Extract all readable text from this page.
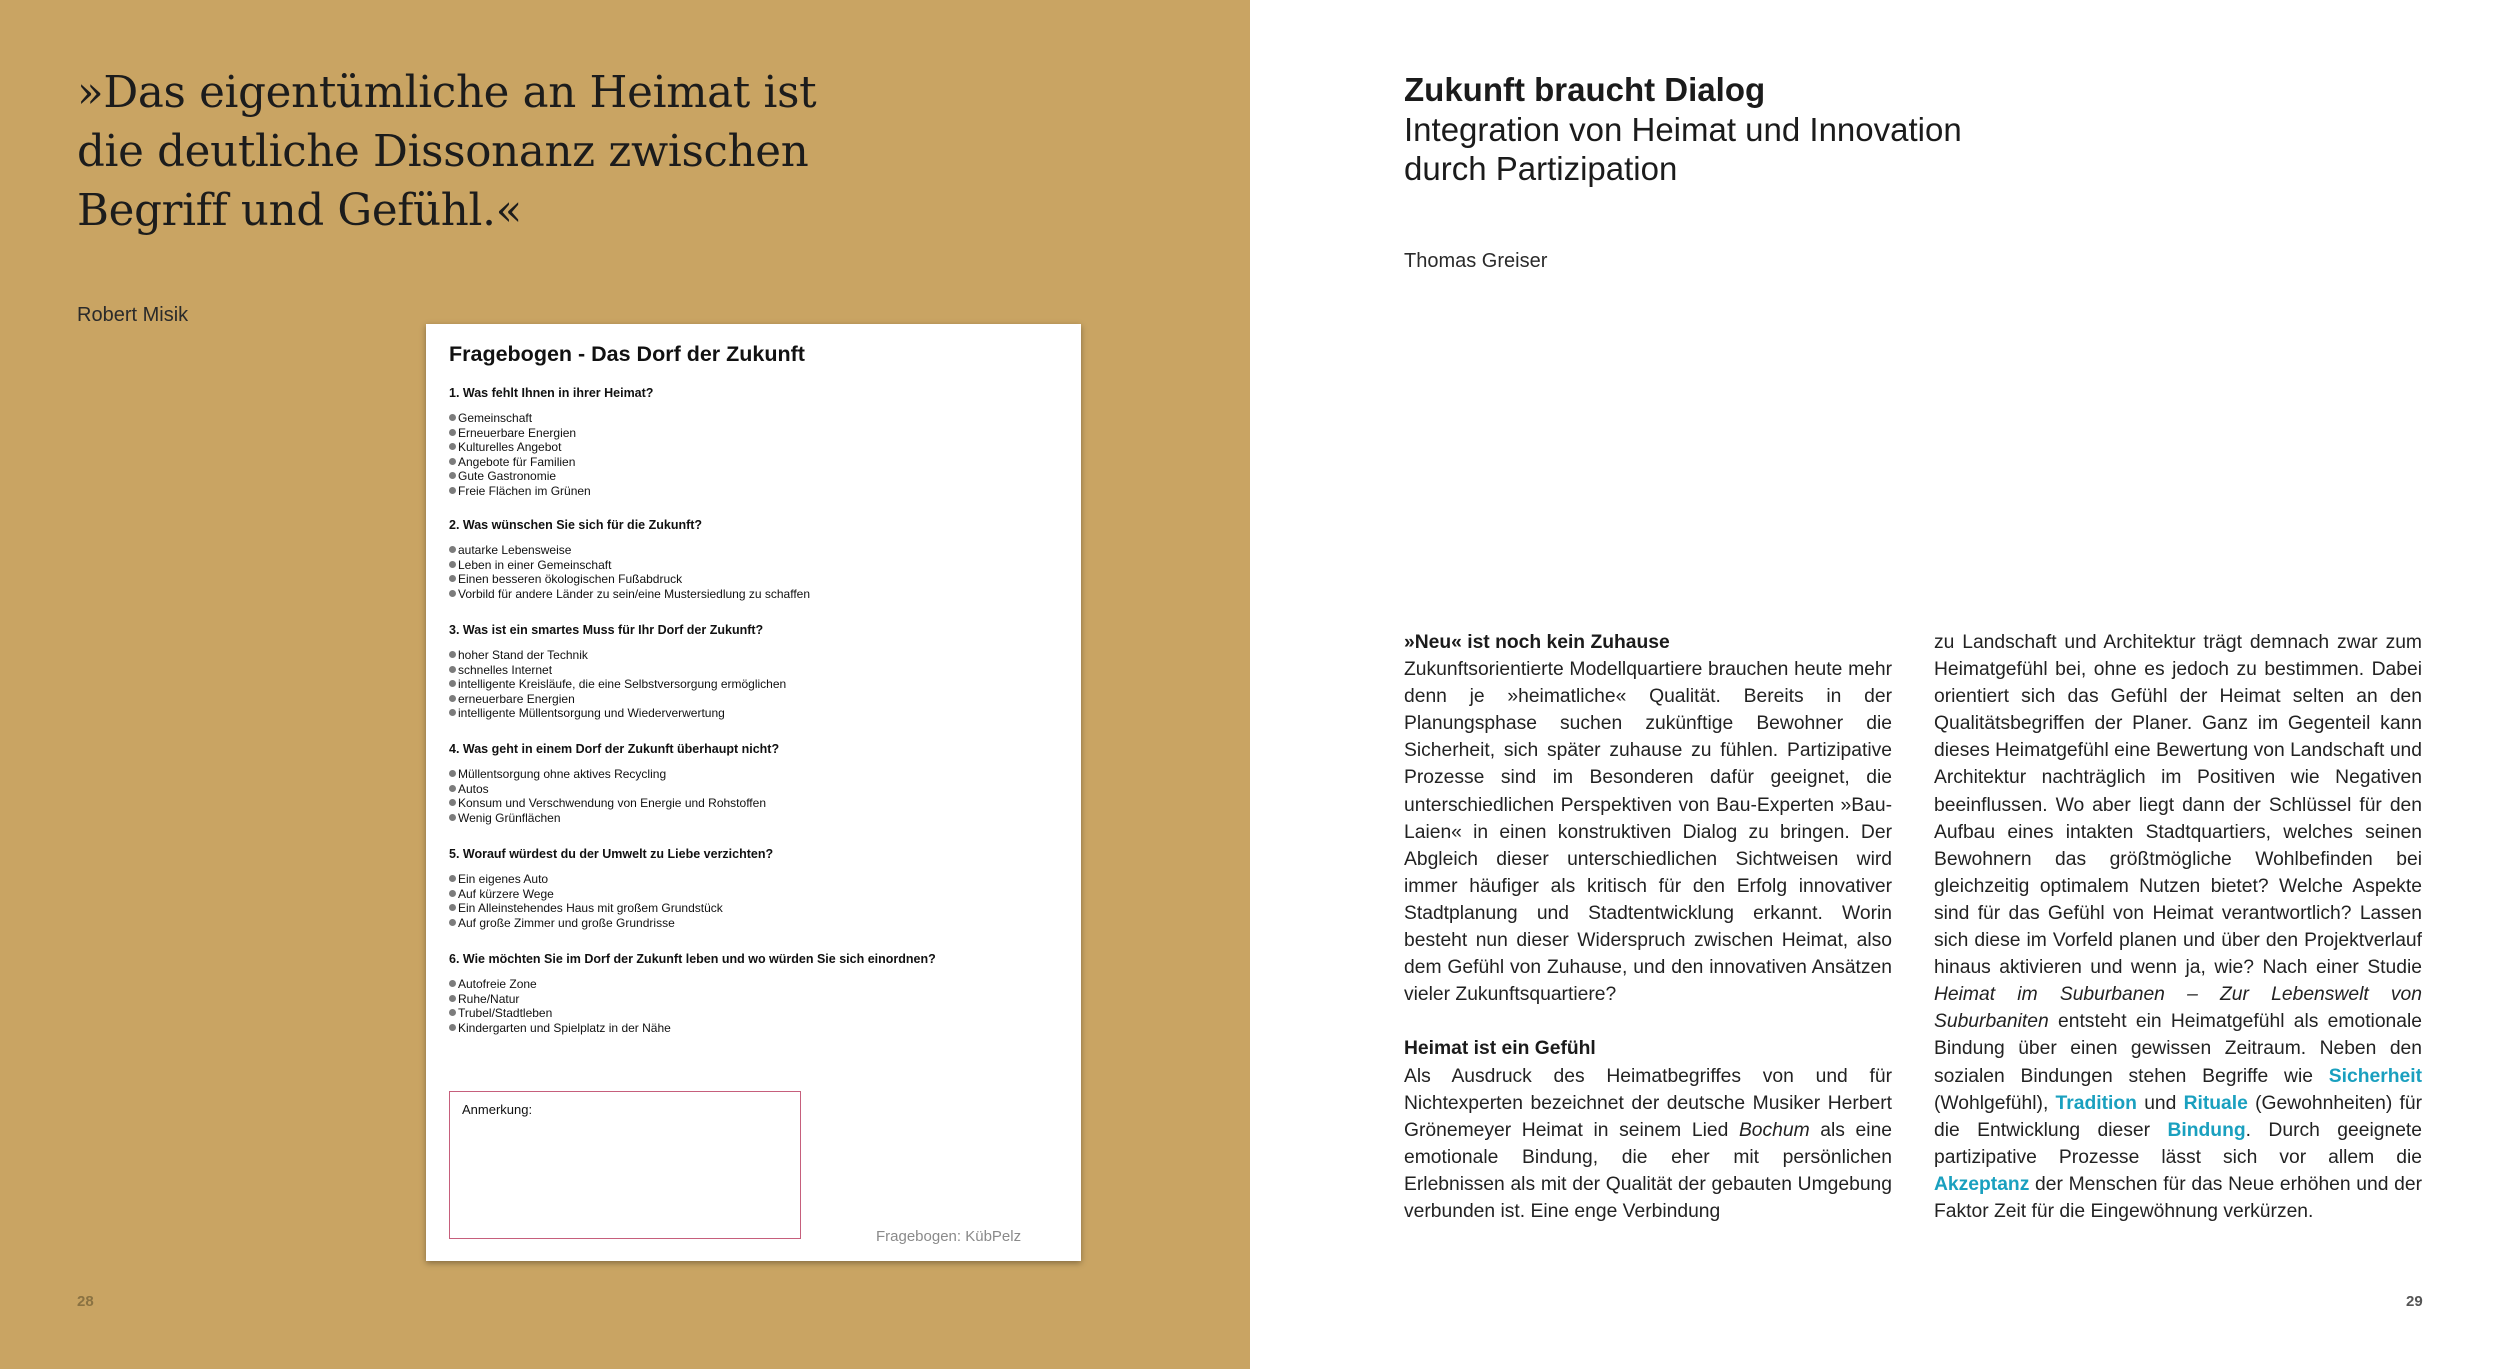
»Das eigentümliche an Heimat ist
die deutliche Dissonanz zwischen
Begriff und Gefühl.«
Robert Misik
Fragebogen - Das Dorf der Zukunft

1. Was fehlt Ihnen in ihrer Heimat?

Gemeinschaft
Erneuerbare Energien
Kulturelles Angebot
Angebote für Familien
Gute Gastronomie
Freie Flächen im Grünen

2. Was wünschen Sie sich für die Zukunft?

autarke Lebensweise
Leben in einer Gemeinschaft
Einen besseren ökologischen Fußabdruck
Vorbild für andere Länder zu sein/eine Mustersiedlung zu schaffen

3. Was ist ein smartes Muss für Ihr Dorf der Zukunft?

hoher Stand der Technik
schnelles Internet
intelligente Kreisläufe, die eine Selbstversorgung ermöglichen
erneuerbare Energien
intelligente Müllentsorgung und Wiederverwertung

4. Was geht in einem Dorf der Zukunft überhaupt nicht?

Müllentsorgung ohne aktives Recycling
Autos
Konsum und Verschwendung von Energie und Rohstoffen
Wenig Grünflächen

5. Worauf würdest du der Umwelt zu Liebe verzichten?

Ein eigenes Auto
Auf kürzere Wege
Ein Alleinstehendes Haus mit großem Grundstück
Auf große Zimmer und große Grundrisse

6. Wie möchten Sie im Dorf der Zukunft leben und wo würden Sie sich einordnen?

Autofreie Zone
Ruhe/Natur
Trubel/Stadtleben
Kindergarten und Spielplatz in der Nähe
Anmerkung:
Fragebogen: KübPelz
28
Zukunft braucht Dialog
Integration von Heimat und Innovation
durch Partizipation
Thomas Greiser
»Neu« ist noch kein Zuhause

Zukunftsorientierte Modellquartiere brauchen heute mehr denn je »heimatliche« Qualität. Bereits in der Planungsphase suchen zukünftige Bewohner die Sicherheit, sich später zuhause zu fühlen. Partizipative Prozesse sind im Besonderen dafür geeignet, die unterschiedlichen Perspektiven von Bau-Experten »Bau-Laien« in einen konstruktiven Dialog zu bringen. Der Abgleich dieser unterschiedlichen Sichtweisen wird immer häufiger als kritisch für den Erfolg innovativer Stadtplanung und Stadtentwicklung erkannt. Worin besteht nun dieser Widerspruch zwischen Heimat, also dem Gefühl von Zuhause, und den innovativen Ansätzen vieler Zukunftsquartiere?

Heimat ist ein Gefühl

Als Ausdruck des Heimatbegriffes von und für Nichtexperten bezeichnet der deutsche Musiker Herbert Grönemeyer Heimat in seinem Lied Bochum als eine emotionale Bindung, die eher mit persönlichen Erlebnissen als mit der Qualität der gebauten Umgebung verbunden ist. Eine enge Verbindung

zu Landschaft und Architektur trägt demnach zwar zum Heimatgefühl bei, ohne es jedoch zu bestimmen. Dabei orientiert sich das Gefühl der Heimat selten an den Qualitätsbegriffen der Planer. Ganz im Gegenteil kann dieses Heimatgefühl eine Bewertung von Landschaft und Architektur nachträglich im Positiven wie Negativen beeinflussen. Wo aber liegt dann der Schlüssel für den Aufbau eines intakten Stadtquartiers, welches seinen Bewohnern das größtmögliche Wohlbefinden bei gleichzeitig optimalem Nutzen bietet? Welche Aspekte sind für das Gefühl von Heimat verantwortlich? Lassen sich diese im Vorfeld planen und über den Projektverlauf hinaus aktivieren und wenn ja, wie? Nach einer Studie Heimat im Suburbanen – Zur Lebenswelt von Suburbaniten entsteht ein Heimatgefühl als emotionale Bindung über einen gewissen Zeitraum. Neben den sozialen Bindungen stehen Begriffe wie Sicherheit (Wohlgefühl), Tradition und Rituale (Gewohnheiten) für die Entwicklung dieser Bindung. Durch geeignete partizipative Prozesse lässt sich vor allem die Akzeptanz der Menschen für das Neue erhöhen und der Faktor Zeit für die Eingewöhnung verkürzen.

29
